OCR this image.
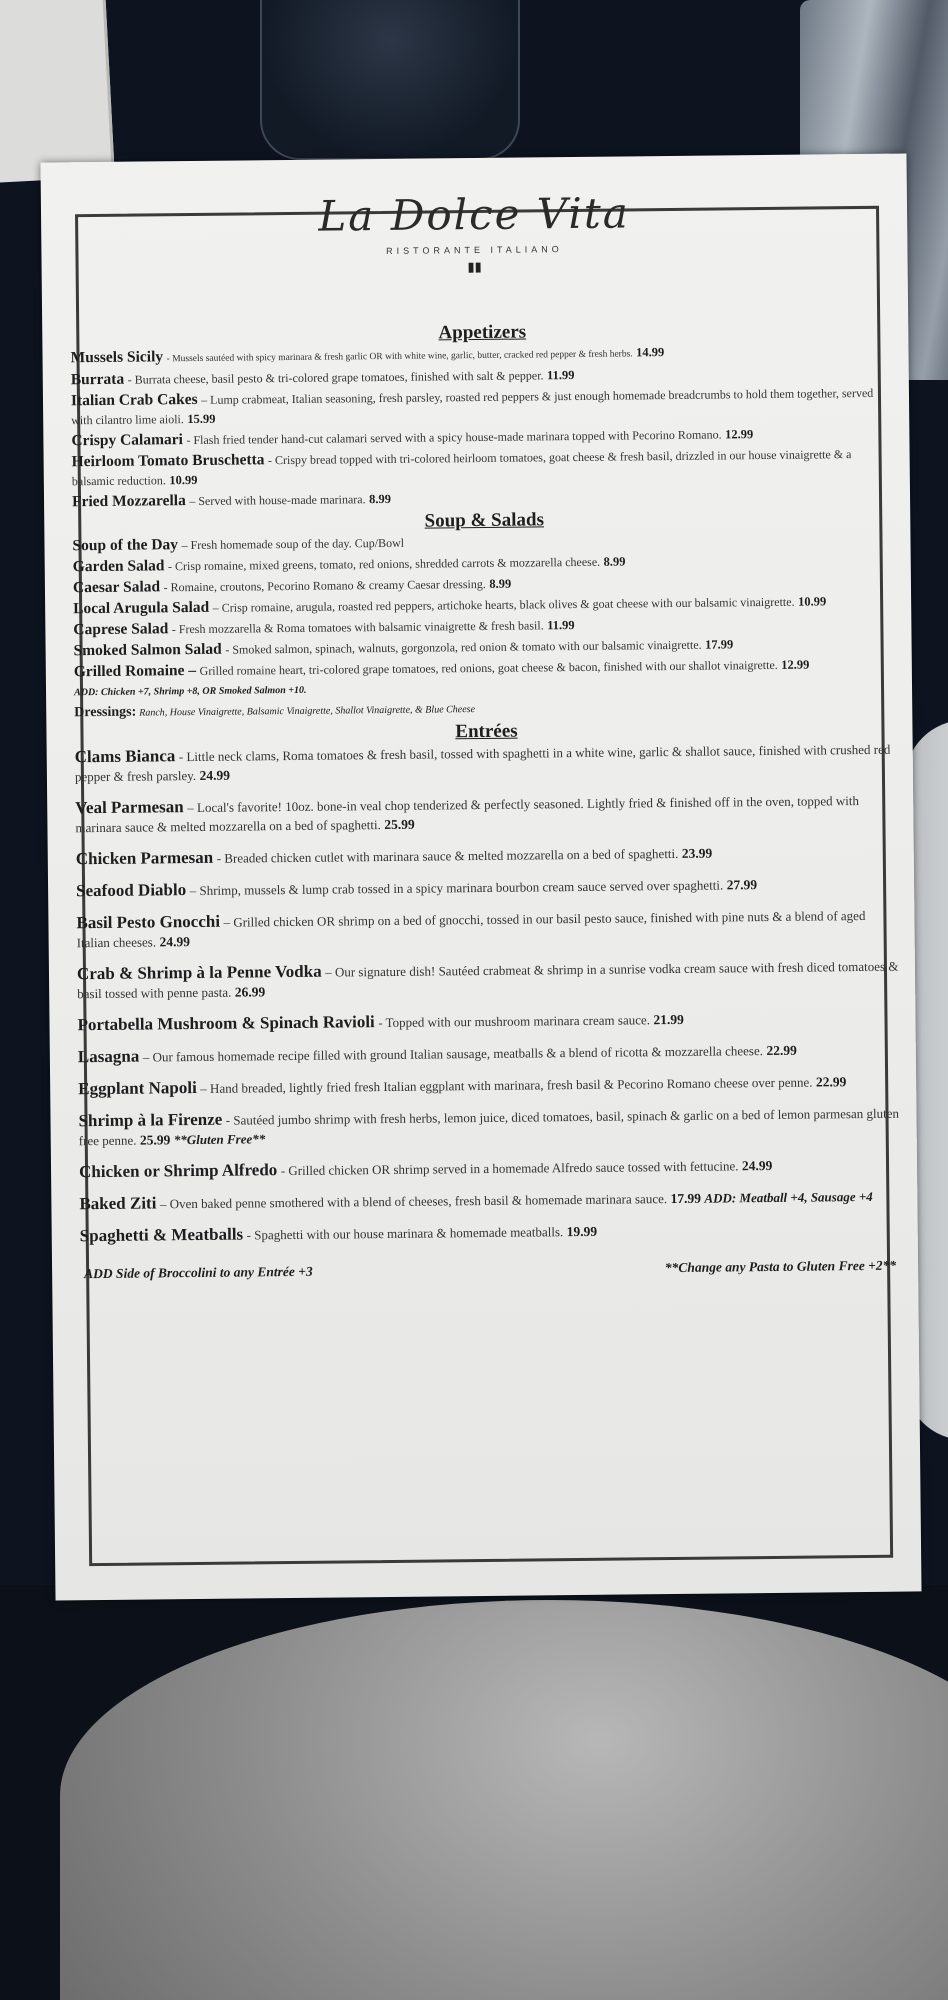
La Dolce Vita
RISTORANTE ITALIANO
▮▮
Appetizers
Mussels Sicily - Mussels sautéed with spicy marinara & fresh garlic OR with white wine, garlic, butter, cracked red pepper & fresh herbs. 14.99
Burrata - Burrata cheese, basil pesto & tri-colored grape tomatoes, finished with salt & pepper. 11.99
Italian Crab Cakes – Lump crabmeat, Italian seasoning, fresh parsley, roasted red peppers & just enough homemade breadcrumbs to hold them together, served with cilantro lime aioli. 15.99
Crispy Calamari - Flash fried tender hand-cut calamari served with a spicy house-made marinara topped with Pecorino Romano. 12.99
Heirloom Tomato Bruschetta - Crispy bread topped with tri-colored heirloom tomatoes, goat cheese & fresh basil, drizzled in our house vinaigrette & a balsamic reduction. 10.99
Fried Mozzarella – Served with house-made marinara. 8.99
Soup & Salads
Soup of the Day – Fresh homemade soup of the day. Cup/Bowl
Garden Salad - Crisp romaine, mixed greens, tomato, red onions, shredded carrots & mozzarella cheese. 8.99
Caesar Salad - Romaine, croutons, Pecorino Romano & creamy Caesar dressing. 8.99
Local Arugula Salad – Crisp romaine, arugula, roasted red peppers, artichoke hearts, black olives & goat cheese with our balsamic vinaigrette. 10.99
Caprese Salad - Fresh mozzarella & Roma tomatoes with balsamic vinaigrette & fresh basil. 11.99
Smoked Salmon Salad - Smoked salmon, spinach, walnuts, gorgonzola, red onion & tomato with our balsamic vinaigrette. 17.99
Grilled Romaine – Grilled romaine heart, tri-colored grape tomatoes, red onions, goat cheese & bacon, finished with our shallot vinaigrette. 12.99
ADD: Chicken +7, Shrimp +8, OR Smoked Salmon +10.
Dressings: Ranch, House Vinaigrette, Balsamic Vinaigrette, Shallot Vinaigrette, & Blue Cheese
Entrées
Clams Bianca - Little neck clams, Roma tomatoes & fresh basil, tossed with spaghetti in a white wine, garlic & shallot sauce, finished with crushed red pepper & fresh parsley. 24.99
Veal Parmesan – Local's favorite! 10oz. bone-in veal chop tenderized & perfectly seasoned. Lightly fried & finished off in the oven, topped with marinara sauce & melted mozzarella on a bed of spaghetti. 25.99
Chicken Parmesan - Breaded chicken cutlet with marinara sauce & melted mozzarella on a bed of spaghetti. 23.99
Seafood Diablo – Shrimp, mussels & lump crab tossed in a spicy marinara bourbon cream sauce served over spaghetti. 27.99
Basil Pesto Gnocchi – Grilled chicken OR shrimp on a bed of gnocchi, tossed in our basil pesto sauce, finished with pine nuts & a blend of aged Italian cheeses. 24.99
Crab & Shrimp à la Penne Vodka – Our signature dish! Sautéed crabmeat & shrimp in a sunrise vodka cream sauce with fresh diced tomatoes & basil tossed with penne pasta. 26.99
Portabella Mushroom & Spinach Ravioli - Topped with our mushroom marinara cream sauce. 21.99
Lasagna – Our famous homemade recipe filled with ground Italian sausage, meatballs & a blend of ricotta & mozzarella cheese. 22.99
Eggplant Napoli – Hand breaded, lightly fried fresh Italian eggplant with marinara, fresh basil & Pecorino Romano cheese over penne. 22.99
Shrimp à la Firenze - Sautéed jumbo shrimp with fresh herbs, lemon juice, diced tomatoes, basil, spinach & garlic on a bed of lemon parmesan gluten free penne. 25.99 **Gluten Free**
Chicken or Shrimp Alfredo - Grilled chicken OR shrimp served in a homemade Alfredo sauce tossed with fettucine. 24.99
Baked Ziti – Oven baked penne smothered with a blend of cheeses, fresh basil & homemade marinara sauce. 17.99 ADD: Meatball +4, Sausage +4
Spaghetti & Meatballs - Spaghetti with our house marinara & homemade meatballs. 19.99
ADD Side of Broccolini to any Entrée +3	**Change any Pasta to Gluten Free +2**
